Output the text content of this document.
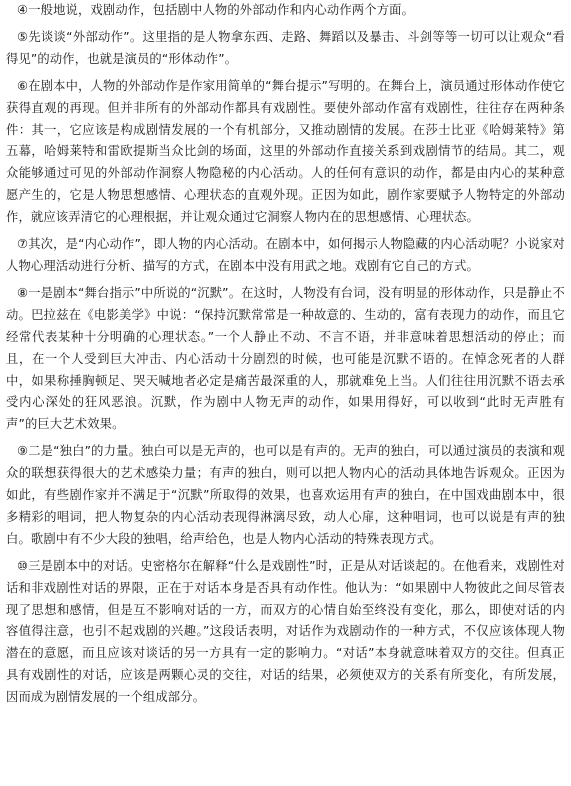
④一般地说，戏剧动作，包括剧中人物的外部动作和内心动作两个方面。

⑤先谈谈“外部动作”。这里指的是人物拿东西、走路、舞蹈以及暴击、斗剑等等一切可以让观众“看得见”的动作，也就是演员的“形体动作”。

⑥在剧本中，人物的外部动作是作家用简单的“舞台提示”写明的。在舞台上，演员通过形体动作使它获得直观的再现。但并非所有的外部动作都具有戏剧性。要使外部动作富有戏剧性，往往存在两种条件：其一，它应该是构成剧情发展的一个有机部分，又推动剧情的发展。在莎士比亚《哈姆莱特》第五幕，哈姆莱特和雷欧提斯当众比剑的场面，这里的外部动作直接关系到戏剧情节的结局。其二，观众能够通过可见的外部动作洞察人物隐秘的内心活动。人的任何有意识的动作，都是由内心的某种意愿产生的，它是人物思想感情、心理状态的直观外现。正因为如此，剧作家要赋予人物特定的外部动作，就应该弄清它的心理根据，并让观众通过它洞察人物内在的思想感情、心理状态。

⑦其次，是“内心动作”，即人物的内心活动。在剧本中，如何揭示人物隐藏的内心活动呢？小说家对人物心理活动进行分析、描写的方式，在剧本中没有用武之地。戏剧有它自己的方式。

⑧一是剧本“舞台指示”中所说的“沉默”。在这时，人物没有台词，没有明显的形体动作，只是静止不动。巴拉兹在《电影美学》中说：“保持沉默常常是一种故意的、生动的，富有表现力的动作，而且它经常代表某种十分明确的心理状态。”一个人静止不动、不言不语，并非意味着思想活动的停止；而且，在一个人受到巨大冲击、内心活动十分剧烈的时候，也可能是沉默不语的。在悼念死者的人群中，如果称捶胸顿足、哭天喊地者必定是痛苦最深重的人，那就难免上当。人们往往用沉默不语去承受内心深处的狂风恶浪。沉默，作为剧中人物无声的动作，如果用得好，可以收到“此时无声胜有声”的巨大艺术效果。

⑨二是“独白”的力量。独白可以是无声的，也可以是有声的。无声的独白，可以通过演员的表演和观众的联想获得很大的艺术感染力量；有声的独白，则可以把人物内心的活动具体地告诉观众。正因为如此，有些剧作家并不满足于“沉默”所取得的效果，也喜欢运用有声的独白，在中国戏曲剧本中，很多精彩的唱词，把人物复杂的内心活动表现得淋漓尽致，动人心扉，这种唱词，也可以说是有声的独白。歌剧中有不少大段的独唱，给声给色，也是人物内心活动的特殊表现方式。

⑩三是剧本中的对话。史密格尔在解释“什么是戏剧性”时，正是从对话谈起的。在他看来，戏剧性对话和非戏剧性对话的界限，正在于对话本身是否具有动作性。他认为：“如果剧中人物彼此之间尽管表现了思想和感情，但是互不影响对话的一方，而双方的心情自始至终没有变化，那么，即使对话的内容值得注意，也引不起戏剧的兴趣。”这段话表明，对话作为戏剧动作的一种方式，不仅应该体现人物潜在的意愿，而且应该对谈话的另一方具有一定的影响力。“对话”本身就意味着双方的交往。但真正具有戏剧性的对话，应该是两颗心灵的交往，对话的结果，必须使双方的关系有所变化，有所发展，因而成为剧情发展的一个组成部分。
